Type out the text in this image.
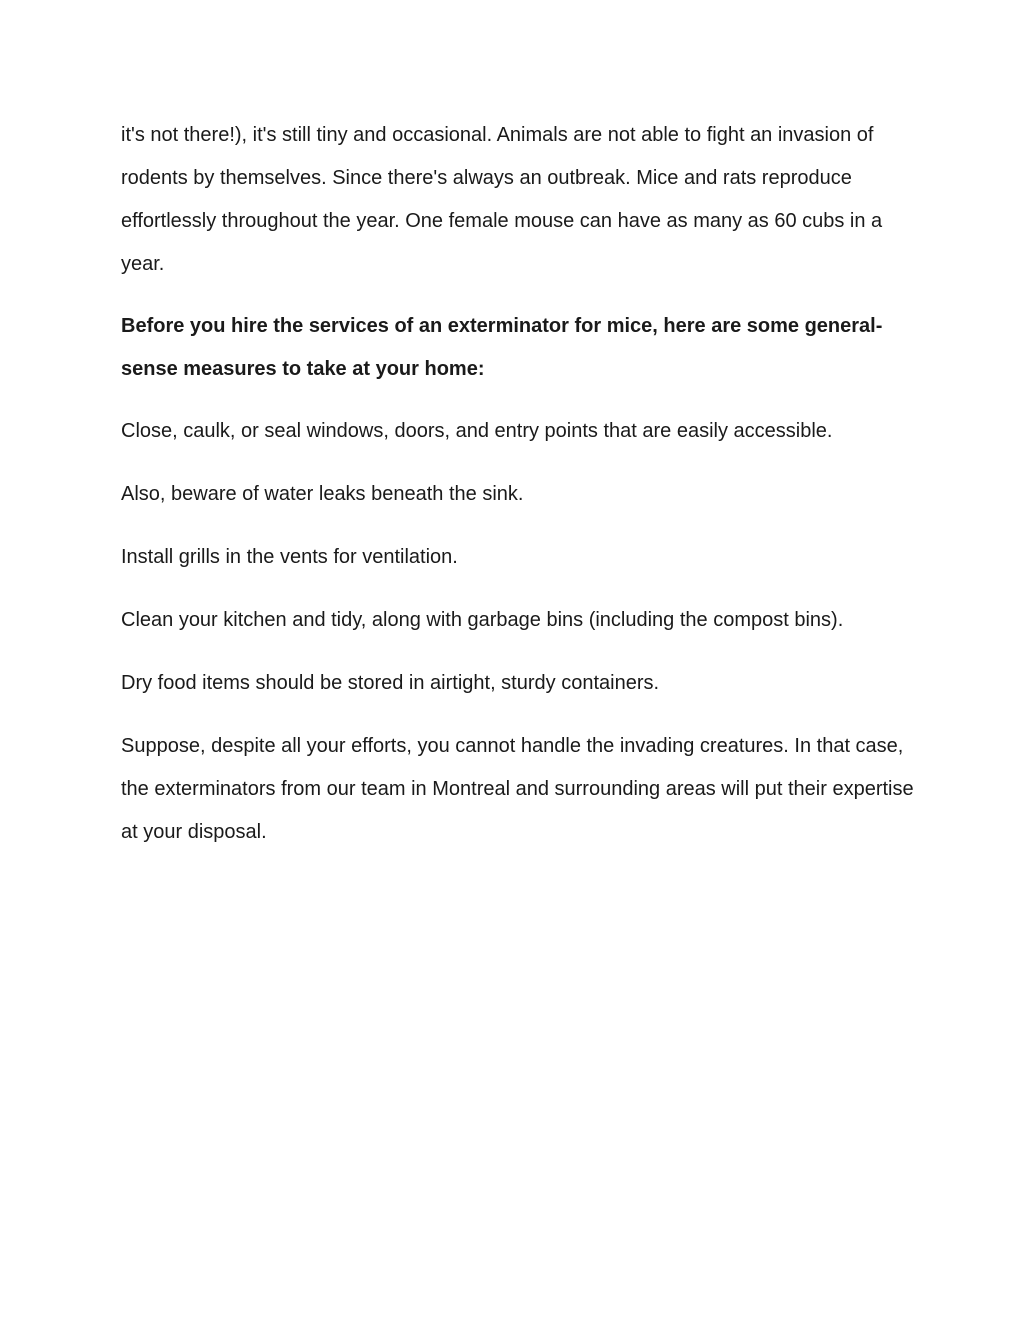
it's not there!), it's still tiny and occasional. Animals are not able to fight an invasion of rodents by themselves. Since there's always an outbreak. Mice and rats reproduce effortlessly throughout the year. One female mouse can have as many as 60 cubs in a year.

Before you hire the services of an exterminator for mice, here are some general-sense measures to take at your home:

Close, caulk, or seal windows, doors, and entry points that are easily accessible.

Also, beware of water leaks beneath the sink.

Install grills in the vents for ventilation.

Clean your kitchen and tidy, along with garbage bins (including the compost bins).

Dry food items should be stored in airtight, sturdy containers.

Suppose, despite all your efforts, you cannot handle the invading creatures. In that case, the exterminators from our team in Montreal and surrounding areas will put their expertise at your disposal.
